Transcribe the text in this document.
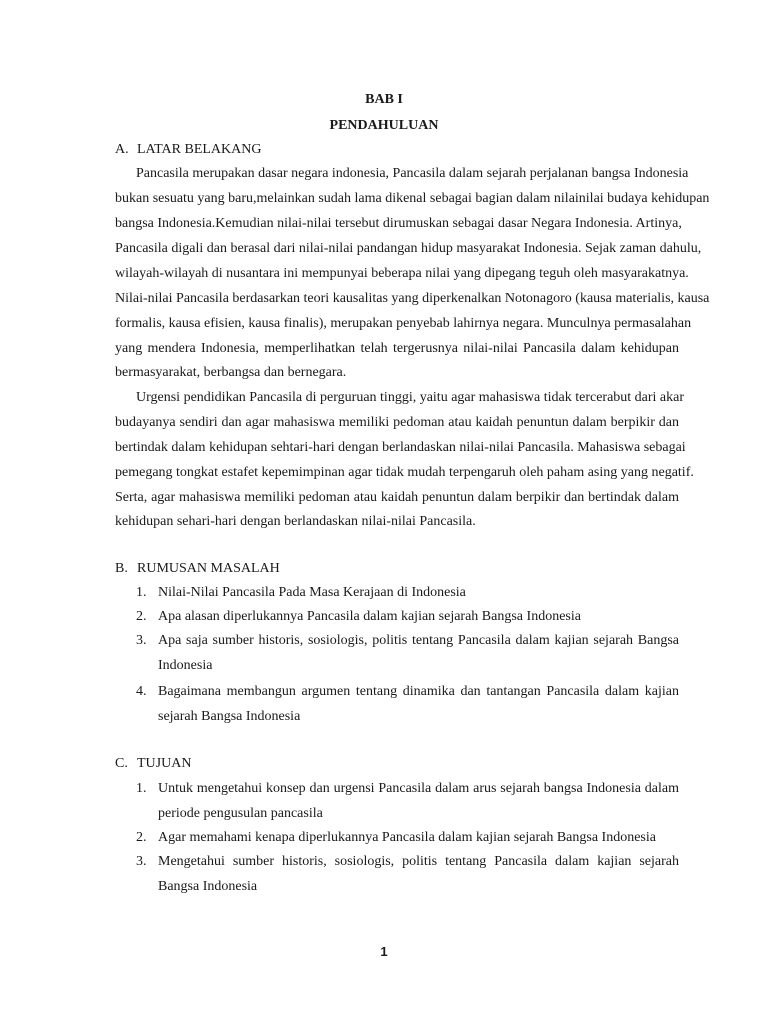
BAB I
PENDAHULUAN
A. LATAR BELAKANG
Pancasila merupakan dasar negara indonesia, Pancasila dalam sejarah perjalanan bangsa Indonesia
bukan sesuatu yang baru,melainkan sudah lama dikenal sebagai bagian dalam nilainilai budaya kehidupan
bangsa Indonesia.Kemudian nilai-nilai tersebut dirumuskan sebagai dasar Negara Indonesia. Artinya,
Pancasila digali dan berasal dari nilai-nilai pandangan hidup masyarakat Indonesia. Sejak zaman dahulu,
wilayah-wilayah di nusantara ini mempunyai beberapa nilai yang dipegang teguh oleh masyarakatnya.
Nilai-nilai Pancasila berdasarkan teori kausalitas yang diperkenalkan Notonagoro (kausa materialis, kausa
formalis, kausa efisien, kausa finalis), merupakan penyebab lahirnya negara. Munculnya permasalahan
yang mendera Indonesia, memperlihatkan telah tergerusnya nilai-nilai Pancasila dalam kehidupan
bermasyarakat, berbangsa dan bernegara.
Urgensi pendidikan Pancasila di perguruan tinggi, yaitu agar mahasiswa tidak tercerabut dari akar
budayanya sendiri dan agar mahasiswa memiliki pedoman atau kaidah penuntun dalam berpikir dan
bertindak dalam kehidupan sehtari-hari dengan berlandaskan nilai-nilai Pancasila. Mahasiswa sebagai
pemegang tongkat estafet kepemimpinan agar tidak mudah terpengaruh oleh paham asing yang negatif.
Serta, agar mahasiswa memiliki pedoman atau kaidah penuntun dalam berpikir dan bertindak dalam
kehidupan sehari-hari dengan berlandaskan nilai-nilai Pancasila.
B. RUMUSAN MASALAH
1. Nilai-Nilai Pancasila Pada Masa Kerajaan di Indonesia
2. Apa alasan diperlukannya Pancasila dalam kajian sejarah Bangsa Indonesia
3.Apa saja sumber historis, sosiologis, politis tentang Pancasila dalam kajian sejarah Bangsa
Indonesia
4.Bagaimana membangun argumen tentang dinamika dan tantangan Pancasila dalam kajian
sejarah Bangsa Indonesia
C. TUJUAN
1. Untuk mengetahui konsep dan urgensi Pancasila dalam arus sejarah bangsa Indonesia dalam
periode pengusulan pancasila
2. Agar memahami kenapa diperlukannya Pancasila dalam kajian sejarah Bangsa Indonesia
3.Mengetahui sumber historis, sosiologis, politis tentang Pancasila dalam kajian sejarah
Bangsa Indonesia
1
